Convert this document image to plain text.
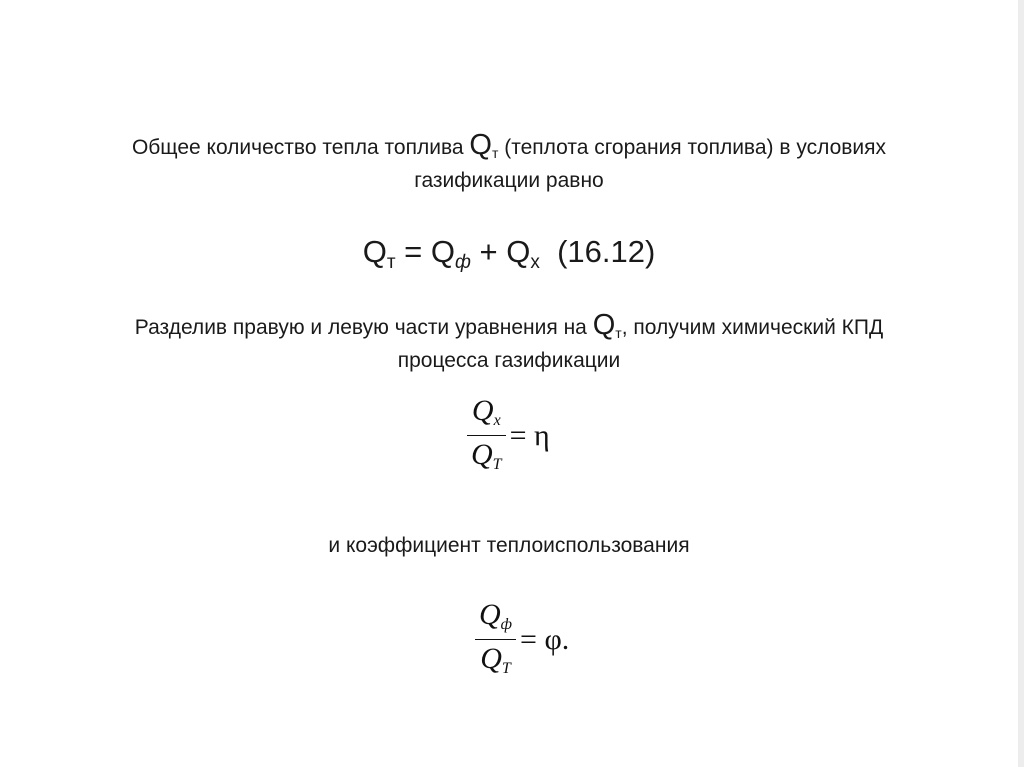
Общее количество тепла топлива Qт (теплота сгорания топлива) в условиях
газификации равно
Qт = Qф + Qх  (16.12)
Разделив правую и левую части уравнения на Qт, получим химический КПД
процесса газификации
$\frac{Qx}{QT} = \eta$
и коэффициент теплоиспользования
$\frac{Qф}{QT} = \varphi$.
